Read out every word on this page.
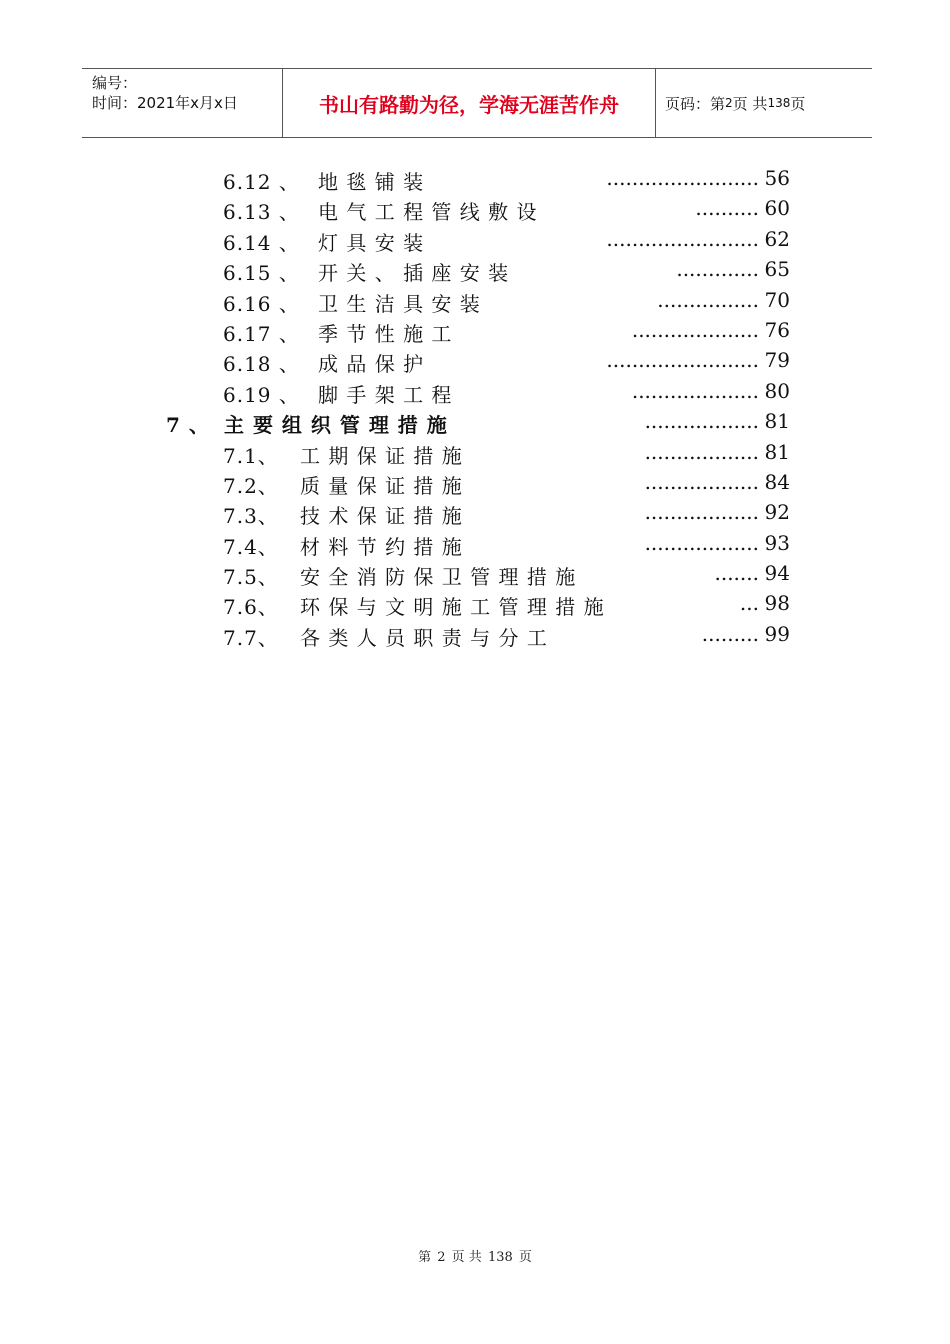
编号：
时间：2021年x月x日	书山有路勤为径，学海无涯苦作舟	页码：第 2 页 共 138 页
6.12 、 地 毯 铺 装	........................ 56
6.13 、 电 气 工 程 管 线 敷 设	.......... 60
6.14 、 灯 具 安 装	........................ 62
6.15 、 开 关 、 插 座 安 装	............. 65
6.16 、 卫 生 洁 具 安 装	................ 70
6.17 、 季 节 性 施 工	.................... 76
6.18 、 成 品 保 护	........................ 79
6.19 、 脚 手 架 工 程	.................... 80
7 、 主 要 组 织 管 理 措 施	.................. 81
7.1、 工 期 保 证 措 施	.................. 81
7.2、 质 量 保 证 措 施	.................. 84
7.3、 技 术 保 证 措 施	.................. 92
7.4、 材 料 节 约 措 施	.................. 93
7.5、 安 全 消 防 保 卫 管 理 措 施	....... 94
7.6、 环 保 与 文 明 施 工 管 理 措 施	... 98
7.7、 各 类 人 员 职 责 与 分 工	......... 99
第 2 页 共 138 页
